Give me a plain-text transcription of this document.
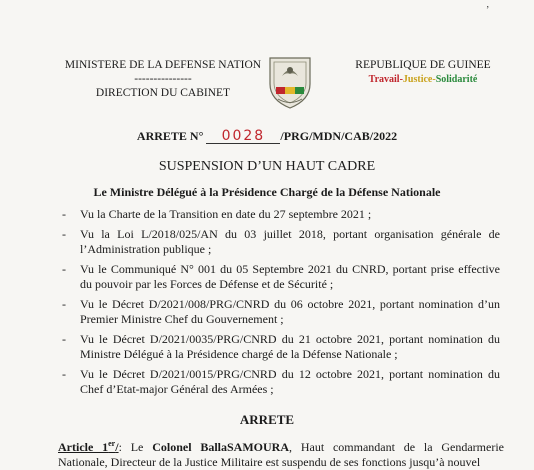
ʼ
MINISTERE DE LA DEFENSE NATION
---------------
DIRECTION DU CABINET
REPUBLIQUE DE GUINEE
Travail-Justice-Solidarité
ARRETE N° 0028 /PRG/MDN/CAB/2022
SUSPENSION D’UN HAUT CADRE
Le Ministre Délégué à la Présidence Chargé de la Défense Nationale
- Vu la Charte de la Transition en date du 27 septembre 2021 ;
- Vu la Loi L/2018/025/AN du 03 juillet 2018, portant organisation générale de l’Administration publique ;
- Vu le Communiqué N° 001 du 05 Septembre 2021 du CNRD, portant prise effective du pouvoir par les Forces de Défense et de Sécurité ;
- Vu le Décret D/2021/008/PRG/CNRD du 06 octobre 2021, portant nomination d’un Premier Ministre Chef du Gouvernement ;
- Vu le Décret D/2021/0035/PRG/CNRD du 21 octobre 2021, portant nomination du Ministre Délégué à la Présidence chargé de la Défense Nationale ;
- Vu le Décret D/2021/0015/PRG/CNRD du 12 octobre 2021, portant nomination du Chef d’Etat-major Général des Armées ;
ARRETE
Article 1er/: Le Colonel BallaSAMOURA, Haut commandant de la Gendarmerie Nationale, Directeur de la Justice Militaire est suspendu de ses fonctions jusqu’à nouvel
